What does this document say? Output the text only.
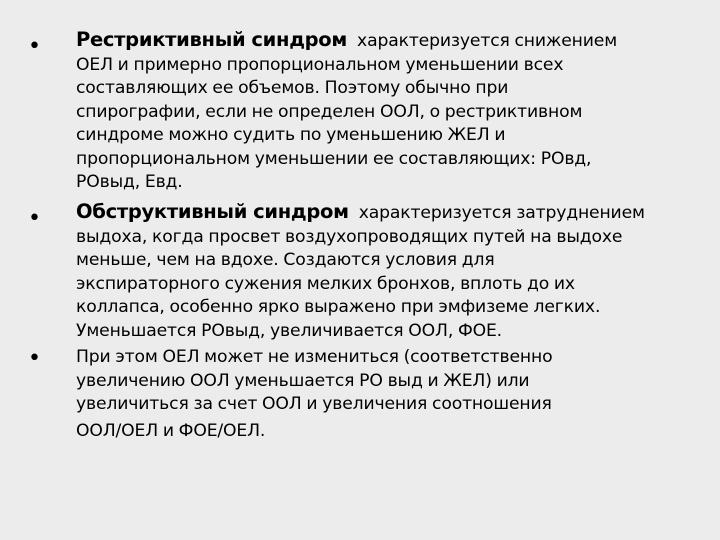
• Рестриктивный синдром характеризуется снижением
ОЕЛ и примерно пропорциональном уменьшении всех
составляющих ее объемов. Поэтому обычно при
спирографии, если не определен ООЛ, о рестриктивном
синдроме можно судить по уменьшению ЖЕЛ и
пропорциональном уменьшении ее составляющих: РОвд,
РОвыд, Евд.
• Обструктивный синдром характеризуется затруднением
выдоха, когда просвет воздухопроводящих путей на выдохе
меньше, чем на вдохе. Создаются условия для
экспираторного сужения мелких бронхов, вплоть до их
коллапса, особенно ярко выражено при эмфиземе легких.
Уменьшается РОвыд, увеличивается ООЛ, ФОЕ.
• При этом ОЕЛ может не измениться (соответственно
увеличению ООЛ уменьшается РО выд и ЖЕЛ) или
увеличиться за счет ООЛ и увеличения соотношения
ООЛ/ОЕЛ и ФОЕ/ОЕЛ.
